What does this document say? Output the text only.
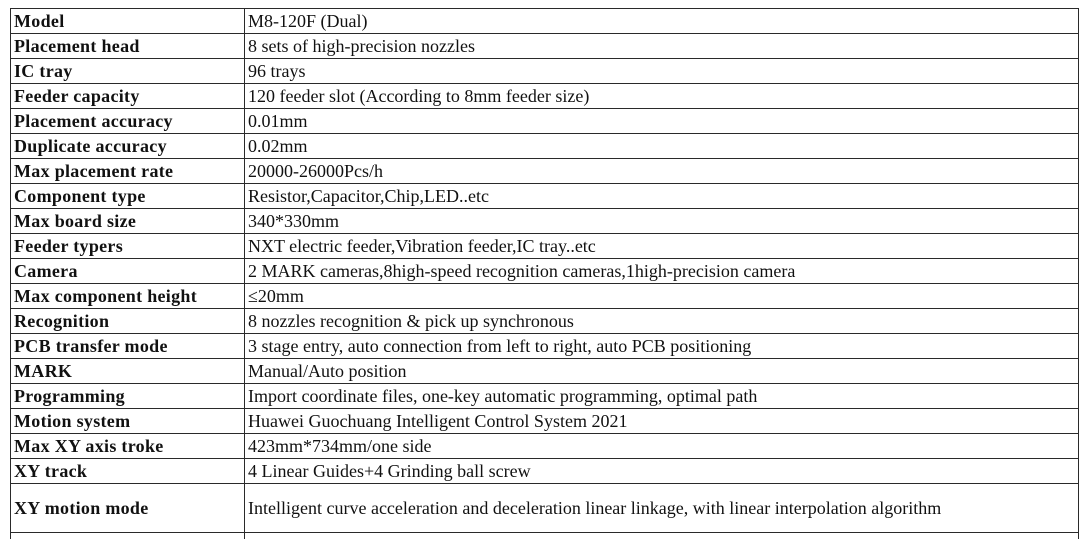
Model	M8-120F (Dual)
Placement head	8 sets of high-precision nozzles
IC tray	96 trays
Feeder capacity	120 feeder slot (According to 8mm feeder size)
Placement accuracy	0.01mm
Duplicate accuracy	0.02mm
Max placement rate	20000-26000Pcs/h
Component type	Resistor,Capacitor,Chip,LED..etc
Max board size	340*330mm
Feeder typers	NXT electric feeder,Vibration feeder,IC tray..etc
Camera	2 MARK cameras,8high-speed recognition cameras,1high-precision camera
Max component height	≤20mm
Recognition	8 nozzles recognition & pick up synchronous
PCB transfer mode	3 stage entry, auto connection from left to right, auto PCB positioning
MARK	Manual/Auto position
Programming	Import coordinate files, one-key automatic programming, optimal path
Motion system	Huawei Guochuang Intelligent Control System 2021
Max XY axis troke	423mm*734mm/one side
XY track	4 Linear Guides+4 Grinding ball screw
XY motion mode	Intelligent curve acceleration and deceleration linear linkage, with linear interpolation algorithm
